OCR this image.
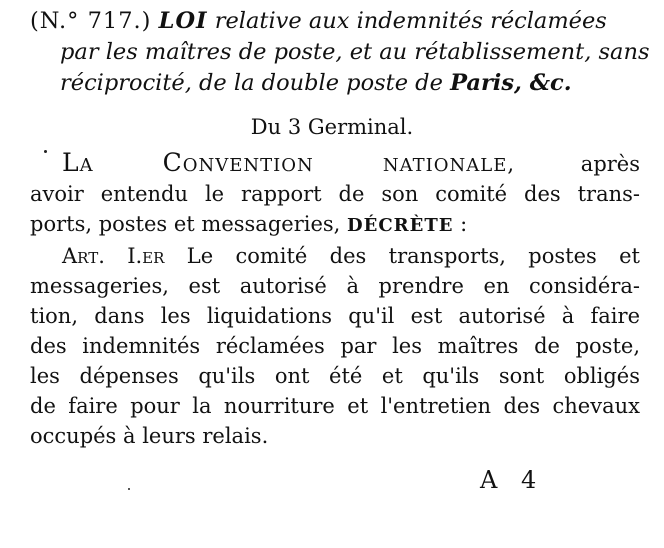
(N.° 717.) LOI relative aux indemnités réclamées
par les maîtres de poste, et au rétablissement, sans
réciprocité, de la double poste de Paris, &c.
Du 3 Germinal.
La Convention nationale, après
avoir entendu le rapport de son comité des trans-
ports, postes et messageries, DÉCRÈTE :
Art. I.er Le comité des transports, postes et
messageries, est autorisé à prendre en considéra-
tion, dans les liquidations qu'il est autorisé à faire
des indemnités réclamées par les maîtres de poste,
les dépenses qu'ils ont été et qu'ils sont obligés
de faire pour la nourriture et l'entretien des chevaux
occupés à leurs relais.
A 4
